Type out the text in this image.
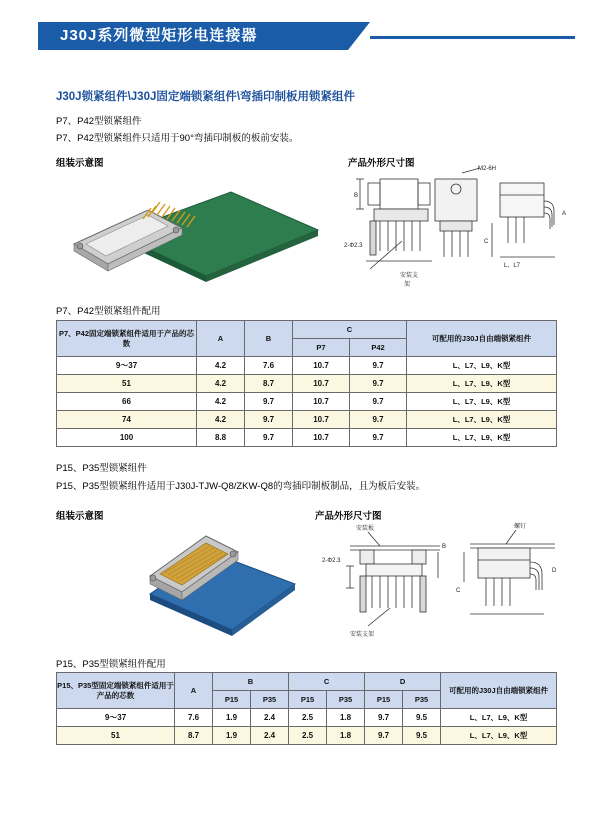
J30J系列微型矩形电连接器
J30J锁紧组件\J30J固定端锁紧组件\弯插印制板用锁紧组件
P7、P42型锁紧组件
P7、P42型锁紧组件只适用于90°弯插印制板的板前安装。
组装示意图	产品外形尺寸图	M2-6H
2-Φ2.3
安装支
架
B
C
A
L、L7
P7、P42型锁紧组件配用
P7、P42固定端锁紧组件适用于产品的芯数	A	B	C		可配用的J30J自由端锁紧组件
			P7	P42	
9～37	4.2	7.6	10.7	9.7	L、L7、L9、K型
51	4.2	8.7	10.7	9.7	L、L7、L9、K型
66	4.2	9.7	10.7	9.7	L、L7、L9、K型
74	4.2	9.7	10.7	9.7	L、L7、L9、K型
100	8.8	9.7	10.7	9.7	L、L7、L9、K型
P15、P35型锁紧组件
P15、P35型锁紧组件适用于J30J-TJW-Q8/ZKW-Q8的弯插印制板制品，且为板后安装。
组装示意图	产品外形尺寸图
安装板	螺钉
2-Φ2.3
B
C
D
安装支架
P15、P35型锁紧组件配用
P15、P35型固定端锁紧组件适用于产品的芯数	A	B		C		D		可配用的J30J自由端锁紧组件
		P15	P35	P15	P35	P15	P35	
9～37	7.6	1.9	2.4	2.5	1.8	9.7	9.5	L、L7、L9、K型
51	8.7	1.9	2.4	2.5	1.8	9.7	9.5	L、L7、L9、K型
